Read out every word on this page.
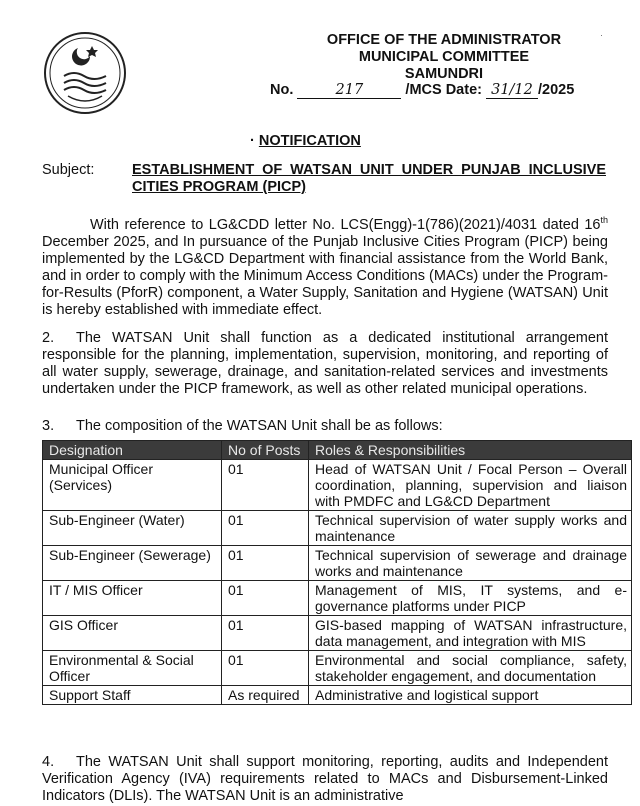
·
OFFICE OF THE ADMINISTRATOR
MUNICIPAL COMMITTEE
SAMUNDRI
No.	217	/MCS Date: 31/12 /2025
· NOTIFICATION
Subject:	ESTABLISHMENT OF WATSAN UNIT UNDER PUNJAB INCLUSIVE CITIES PROGRAM (PICP)
With reference to LG&CDD letter No. LCS(Engg)-1(786)(2021)/4031 dated 16th December 2025, and In pursuance of the Punjab Inclusive Cities Program (PICP) being implemented by the LG&CD Department with financial assistance from the World Bank, and in order to comply with the Minimum Access Conditions (MACs) under the Program-for-Results (PforR) component, a Water Supply, Sanitation and Hygiene (WATSAN) Unit is hereby established with immediate effect.
2. The WATSAN Unit shall function as a dedicated institutional arrangement responsible for the planning, implementation, supervision, monitoring, and reporting of all water supply, sewerage, drainage, and sanitation-related services and investments undertaken under the PICP framework, as well as other related municipal operations.
3. The composition of the WATSAN Unit shall be as follows:
Designation	No of Posts	Roles & Responsibilities
Municipal Officer (Services)	01	Head of WATSAN Unit / Focal Person – Overall coordination, planning, supervision and liaison with PMDFC and LG&CD Department
Sub-Engineer (Water)	01	Technical supervision of water supply works and maintenance
Sub-Engineer (Sewerage)	01	Technical supervision of sewerage and drainage works and maintenance
IT / MIS Officer	01	Management of MIS, IT systems, and e-governance platforms under PICP
GIS Officer	01	GIS-based mapping of WATSAN infrastructure, data management, and integration with MIS
Environmental & Social Officer	01	Environmental and social compliance, safety, stakeholder engagement, and documentation
Support Staff	As required	Administrative and logistical support
4. The WATSAN Unit shall support monitoring, reporting, audits and Independent Verification Agency (IVA) requirements related to MACs and Disbursement-Linked Indicators (DLIs). The WATSAN Unit is an administrative
